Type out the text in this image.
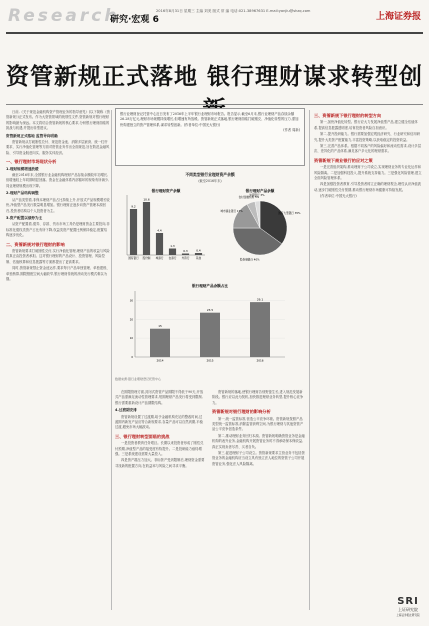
Research
研究·宏观 6
2016年8月31日 星期三 主编 刘美 版式 常 编 电话:021-38967631 E-mail:yanjiu@shzq.com
上海证券报
资管新规正式落地 银行理财谋求转型创
日前,《关于规范金融机构资产管理业务的指导意见》(以下简称《资管新规》)正式发布。作为大资管领域的统领性文件,资管新规对银行理财的影响最为深远。本文将结合资管新规的核心要求,分析银行理财面临的挑战与机遇,并提出转型建议。
资管新规正式落地 监管导向明确
资管新规从打破刚性兑付、规范资金池、消除多层嵌套、统一杠杆要求、实行净值化管理等方面对资管业务作出全面规范,旨在防范金融风险、引导资金脱虚向实、服务实体经济。
一、银行理财市场现状分析
1.理财规模增速放缓
截至2016年末,全国银行业金融机构理财产品存续余额较年初增长,但增速较上年同期明显回落。资金在金融体系内部循环的现象有所减少,同业理财规模出现下降。
2.理财产品结构调整
从产品类型看,非保本理财产品占比持续上升,开放式产品规模增长较快,净值型产品发行数量明显增加。银行理财正逐步向资产管理本源回归,投资者结构以个人投资者为主。
3.资产配置以债券为主
从资产配置看,债券、存款、货币市场工具仍是理财资金主要投向,非标准化债权类资产占比有所下降,权益类资产配置比例保持稳定,配置结构逐步优化。
二、资管新规对银行理财的影响
资管新规要求打破刚性兑付,实行净值化管理,理财产品的收益与风险将真正由投资者承担。这对银行理财的产品设计、投资管理、风险控制、估值核算和信息披露等方面都提出了更高要求。
同时,资管新规禁止资金池运作,要求每只产品单独管理、单独建账、单独核算,期限错配空间大幅收窄,银行理财传统的滚动发行模式难以为继。
银行业理财登记托管中心近日发布了2016年上半年银行业理财市场报告。报告显示,截至6月末,银行业理财产品存续余额26.28万亿元,理财市场规模持续增长,但增速有所放缓。资管新规正式落地,银行理财面临打破刚兑、净值化转型的压力,需加快构建独立的资产管理体系,谋求转型创新。(作者单位:中国光大银行)
(作者 周新)
不同类型银行业理财资产余额
(截至2016年末)
银行理财资产余额
9.2
国有银行
10.6
股份制
4.4
城商行
1.3
农商行
0.3
外资行
0.4
其他
银行理财产品余额
国有大型银行 35%
股份制银行 40%
城市商业银行 17%
农村金融机构 5%
外资银行 3%
银行理财产品余额占比
0
10
20
30
15
2014
23.5
2015
29.1
2016
数据来源:银行业理财登记托管中心
在期限管理方面,封闭式资管产品期限不得低于90天,开放式产品需满足流动性管理要求,短期理财产品发行将受到限制,银行需要重新设计产品期限结构。
4.过渡期安排
资管新规设置了过渡期,给予金融机构充足的整改时间,过渡期内新发产品应符合新规要求,存量产品可以自然到期,平稳过渡,避免市场大幅波动。
三、银行理财转型面临的挑战
一是投资者教育任务艰巨。长期以来投资者形成了刚性兑付预期,净值型产品的接受度有待提升。二是投研能力亟待增强。三是系统建设需要大量投入。
四是资产端压力加大。非标资产受到限制后,理财资金需要寻找新的配置方向,在收益率与风险之间寻求平衡。
资管新规的落地,使银行理财告别野蛮生长,进入规范发展新阶段。银行应以此为契机,加快推进理财业务转型,提升核心竞争力。
资管新规对银行理财的影响分析
第一,统一监管标准,营造公平竞争环境。资管新规按照产品类型统一监管标准,消除监管套利空间,为银行理财与其他资管产品公平竞争创造条件。
第二,推动理财业务回归本源。资管新规明确资管业务是金融机构的表外业务,金融机构开展资管业务时不得承诺保本保收益,真正实现卖者尽责、买者自负。
第三,促进理财子公司设立。资管新规要求主营业务不包括资管业务的金融机构应当设立具有独立法人地位的资管子公司开展资管业务,强化法人风险隔离。
三、资管新规下银行理财的转型方向
第一,加快净值化转型。银行应大力发展净值型产品,建立健全估值体系,提高信息披露透明度,培育投资者风险自担意识。
第二,提升投研能力。银行需要加强宏观经济研究、行业研究和信用研究,提升大类资产配置能力,丰富投资策略,以获取稳定的投资收益。
第三,完善产品体系。根据不同客户的风险偏好和流动性需求,设计多层次、差异化的产品体系,满足客户多元化的理财需求。
资管新规下商业银行的应对之策
一是完善组织架构,推动理财子公司设立,实现理财业务的专业化运作和风险隔离。二是加强科技投入,提升系统支持能力。三是强化风险管理,建立全面风险管理体系。
四是加强投资者教育,引导投资者树立正确的理财观念,理性认识净值波动,逐步打破刚性兑付预期,推动银行理财市场健康可持续发展。
(作者单位:中国光大银行)
SRI
上证研究院
上海证券报社研究院
